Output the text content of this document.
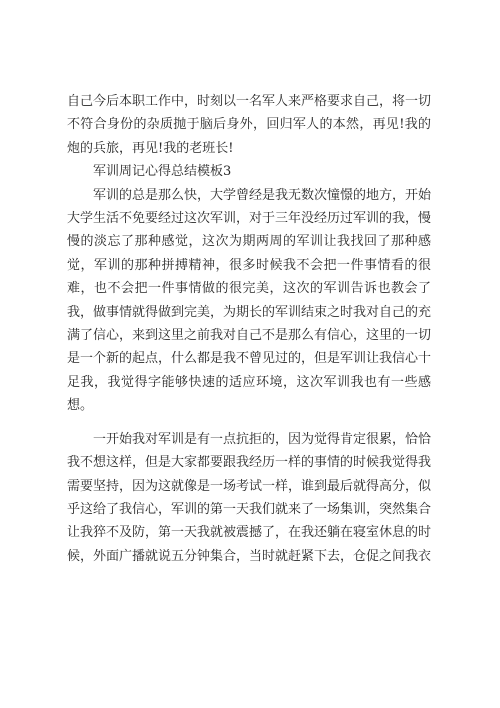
自己今后本职工作中，时刻以一名军人来严格要求自己，将一切不符合身份的杂质抛于脑后身外，回归军人的本然，再见!我的炮的兵旅，再见!我的老班长!

军训周记心得总结模板3

军训的总是那么快，大学曾经是我无数次憧憬的地方，开始大学生活不免要经过这次军训，对于三年没经历过军训的我，慢慢的淡忘了那种感觉，这次为期两周的军训让我找回了那种感觉，军训的那种拼搏精神，很多时候我不会把一件事情看的很难，也不会把一件事情做的很完美，这次的军训告诉也教会了我，做事情就得做到完美，为期长的军训结束之时我对自己的充满了信心，来到这里之前我对自己不是那么有信心，这里的一切是一个新的起点，什么都是我不曾见过的，但是军训让我信心十足我，我觉得字能够快速的适应环境，这次军训我也有一些感想。

一开始我对军训是有一点抗拒的，因为觉得肯定很累，恰恰我不想这样，但是大家都要跟我经历一样的事情的时候我觉得我需要坚持，因为这就像是一场考试一样，谁到最后就得高分，似乎这给了我信心，军训的第一天我们就来了一场集训，突然集合让我猝不及防，第一天我就被震撼了，在我还躺在寝室休息的时候，外面广播就说五分钟集合，当时就赶紧下去，仓促之间我衣
